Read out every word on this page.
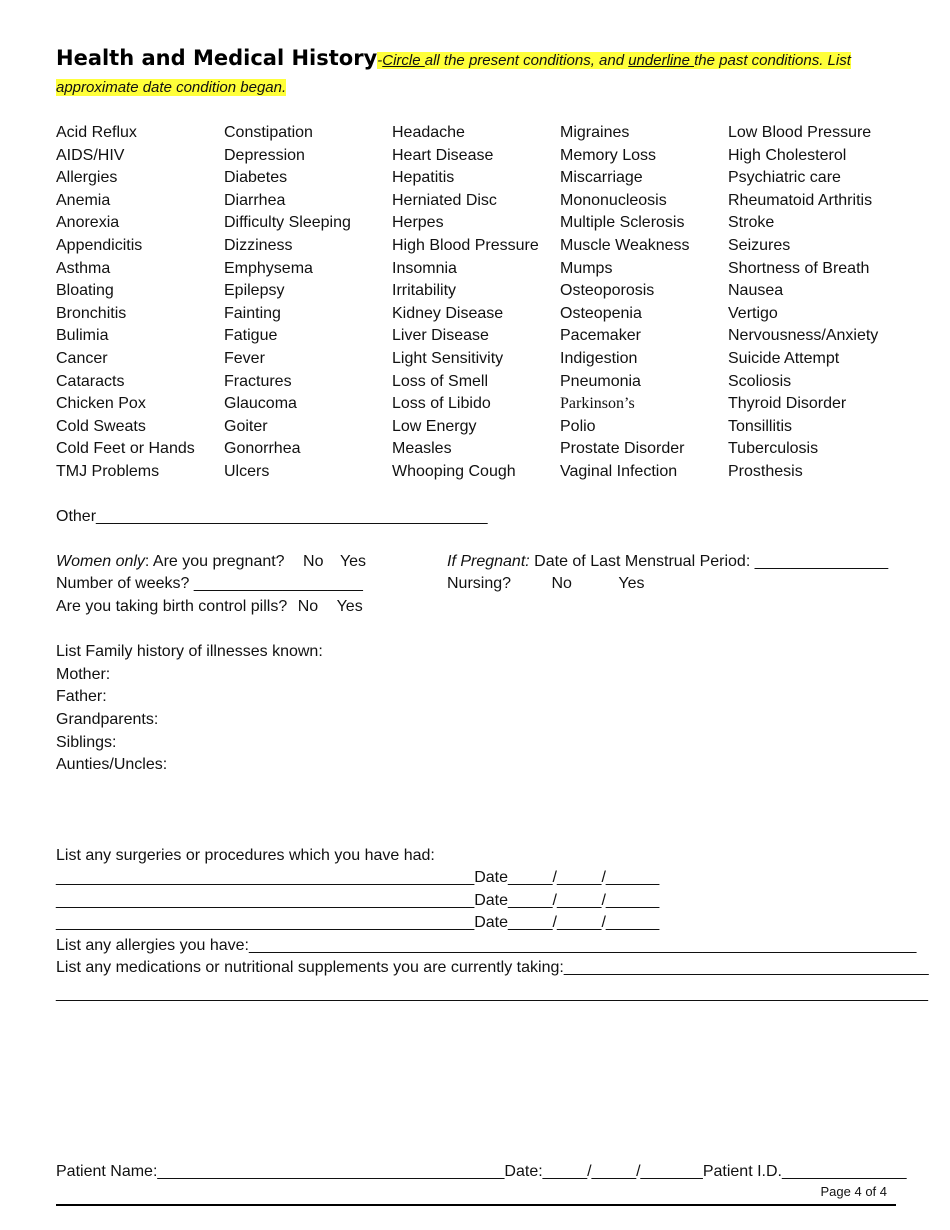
Health and Medical History-Circle all the present conditions, and underline the past conditions. List
approximate date condition began.
Acid Reflux
AIDS/HIV
Allergies
Anemia
Anorexia
Appendicitis
Asthma
Bloating
Bronchitis
Bulimia
Cancer
Cataracts
Chicken Pox
Cold Sweats
Cold Feet or Hands
TMJ Problems
Constipation
Depression
Diabetes
Diarrhea
Difficulty Sleeping
Dizziness
Emphysema
Epilepsy
Fainting
Fatigue
Fever
Fractures
Glaucoma
Goiter
Gonorrhea
Ulcers
Headache
Heart Disease
Hepatitis
Herniated Disc
Herpes
High Blood Pressure
Insomnia
Irritability
Kidney Disease
Liver Disease
Light Sensitivity
Loss of Smell
Loss of Libido
Low Energy
Measles
Whooping Cough
Migraines
Memory Loss
Miscarriage
Mononucleosis
Multiple Sclerosis
Muscle Weakness
Mumps
Osteoporosis
Osteopenia
Pacemaker
Indigestion
Pneumonia
Parkinson’s
Polio
Prostate Disorder
Vaginal Infection
Low Blood Pressure
High Cholesterol
Psychiatric care
Rheumatoid Arthritis
Stroke
Seizures
Shortness of Breath
Nausea
Vertigo
Nervousness/Anxiety
Suicide Attempt
Scoliosis
Thyroid Disorder
Tonsillitis
Tuberculosis
Prosthesis
Other____________________________________________
Women only: Are you pregnant? No Yes
Number of weeks? ___________________
Are you taking birth control pills? No Yes
If Pregnant: Date of Last Menstrual Period: _______________
Nursing?	No	Yes
List Family history of illnesses known:
Mother:
Father:
Grandparents:
Siblings:
Aunties/Uncles:
List any surgeries or procedures which you have had:
_______________________________________________Date_____/_____/______
_______________________________________________Date_____/_____/______
_______________________________________________Date_____/_____/______
List any allergies you have:___________________________________________________________________________
List any medications or nutritional supplements you are currently taking:_________________________________________
__________________________________________________________________________________________________
Patient Name:_______________________________________Date:_____/_____/_______Patient I.D.______________
Page 4 of 4
